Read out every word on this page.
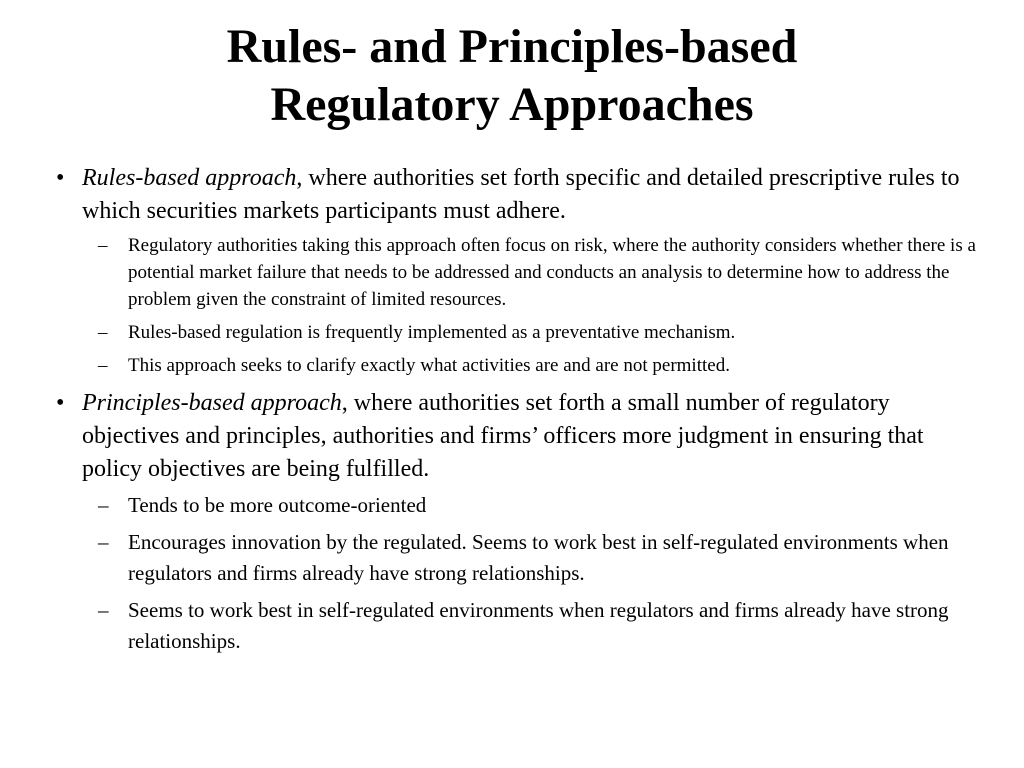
Rules- and Principles-based
Regulatory Approaches
• Rules-based approach, where authorities set forth specific and detailed prescriptive rules to which securities markets participants must adhere.
– Regulatory authorities taking this approach often focus on risk, where the authority considers whether there is a potential market failure that needs to be addressed and conducts an analysis to determine how to address the problem given the constraint of limited resources.
– Rules-based regulation is frequently implemented as a preventative mechanism.
– This approach seeks to clarify exactly what activities are and are not permitted.
• Principles-based approach, where authorities set forth a small number of regulatory objectives and principles, authorities and firms’ officers more judgment in ensuring that policy objectives are being fulfilled.
– Tends to be more outcome-oriented
– Encourages innovation by the regulated. Seems to work best in self-regulated environments when regulators and firms already have strong relationships.
– Seems to work best in self-regulated environments when regulators and firms already have strong relationships.
